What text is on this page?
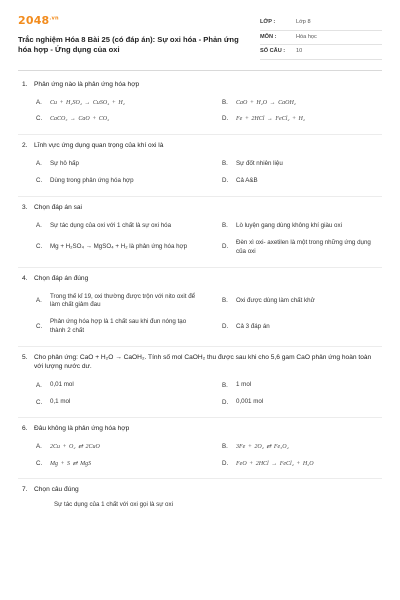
$2048^{.vn}$
Trắc nghiệm Hóa 8 Bài 25 (có đáp án): Sự oxi hóa - Phản ứng hóa hợp - Ứng dụng của oxi
LỚP :	Lớp 8
MÔN :	Hóa học
SỐ CÂU :	10
1. Phản ứng nào là phản ứng hóa hợp
A.	Cu + H₂SO₄ → CuSO₄ + H₂	B.	CaO + H₂O → CaOH₂
C.	CaCO₃ → CaO + CO₂	D.	Fe + 2HCl → FeCl₂ + H₂
2. Lĩnh vực ứng dụng quan trọng của khí oxi là
A.	Sự hô hấp	B.	Sự đốt nhiên liệu
C.	Dùng trong phản ứng hóa hợp	D.	Cả A&B
3. Chọn đáp án sai
A.	Sự tác dụng của oxi với 1 chất là sự oxi hóa	B.	Lò luyện gang dùng không khí giàu oxi
C.	Mg + H₂SO₄ → MgSO₄ + H₂ là phản ứng hóa hợp	D.
Đèn xì oxi- axetilen là một trong những ứng dụng của oxi
4. Chọn đáp án đúng
A.
Trong thế kỉ 19, oxi thường được trộn với nito oxit để làm chất giảm đau
B.	Oxi được dùng làm chất khử
C.
Phản ứng hóa hợp là 1 chất sau khi đun nóng tạo thành 2 chất
D.	Cả 3 đáp án
5. Cho phản ứng: CaO + H₂O → CaOH₂. Tính số mol CaOH₂ thu được sau khi cho 5,6 gam CaO phản ứng hoàn toàn với lượng nước dư.
A.	0,01 mol	B.	1 mol
C.	0,1 mol	D.	0,001 mol
6. Đâu không là phản ứng hóa hợp
A.	2Cu + O₂ ⇄ 2CuO	B.	3Fe + 2O₂ ⇄ Fe₃O₄
C.	Mg + S ⇄ MgS	D.	FeO + 2HCl → FeCl₂ + H₂O
7. Chọn câu đúng
Sự tác dụng của 1 chất với oxi gọi là sự oxi
